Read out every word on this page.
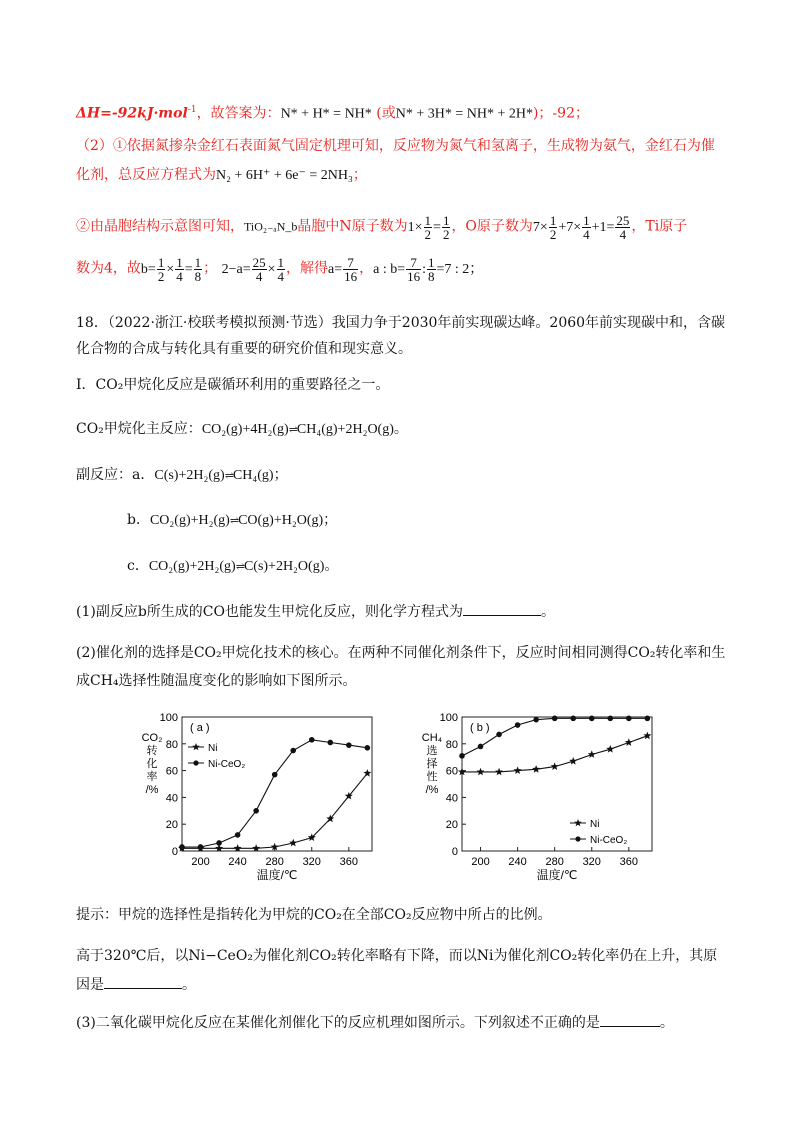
ΔH=-92kJ·mol$^{-1}$，故答案为：N* + H* = NH* (或N* + 3H* = NH* + 2H*)；-92；
（2）①依据氮掺杂金红石表面氮气固定机理可知，反应物为氮气和氢离子，生成物为氨气，金红石为催
化剂，总反应方程式为N₂ + 6H⁺ + 6e⁻ = 2NH₃；
②由晶胞结构示意图可知，TiO₂₋ₐN_b晶胞中N原子数为$1\times \frac{1}{2} = \frac{1}{2}$ ，O原子数为$7\times \frac{1}{2} +7\times \frac{1}{4} +1= \frac{25}{4}$ ，Ti原子
数为4，故$b= \frac{1}{2} \times \frac{1}{4} = \frac{1}{8}$ ； $2-a= \frac{25}{4} \times \frac{1}{4}$ ，解得$a= \frac{7}{16}$ ，a : $b= \frac{7}{16}$ : $\frac{1}{8} =7$ : 2；
18．（2022·浙江·校联考模拟预测·节选）我国力争于2030年前实现碳达峰。2060年前实现碳中和，含碳
化合物的合成与转化具有重要的研究价值和现实意义。
Ⅰ．CO₂甲烷化反应是碳循环利用的重要路径之一。
CO₂甲烷化主反应：CO₂(g)+4H₂(g)⇌CH₄(g)+2H₂O(g)。
副反应：a．C(s)+2H₂(g)⇌CH₄(g)；
b．CO₂(g)+H₂(g)⇌CO(g)+H₂O(g)；
c．CO₂(g)+2H₂(g)⇌C(s)+2H₂O(g)。
(1)副反应b所生成的CO也能发生甲烷化反应，则化学方程式为	。
(2)催化剂的选择是CO₂甲烷化技术的核心。在两种不同催化剂条件下，反应时间相同测得CO₂转化率和生
成CH₄选择性随温度变化的影响如下图所示。
0
20
40
60
80
100
200 240 280 320 360
温度/℃
CO₂
转
化
率
/%
( a )
Ni
Ni-CeO₂
0
20
40
60
80
100
200 240 280 320 360
温度/℃
CH₄
选
择
性
/%
( b )
Ni
Ni-CeO₂
提示：甲烷的选择性是指转化为甲烷的CO₂在全部CO₂反应物中所占的比例。
高于320℃后，以Ni−CeO₂为催化剂CO₂转化率略有下降，而以Ni为催化剂CO₂转化率仍在上升，其原
因是	。
(3)二氧化碳甲烷化反应在某催化剂催化下的反应机理如图所示。下列叙述不正确的是	。
